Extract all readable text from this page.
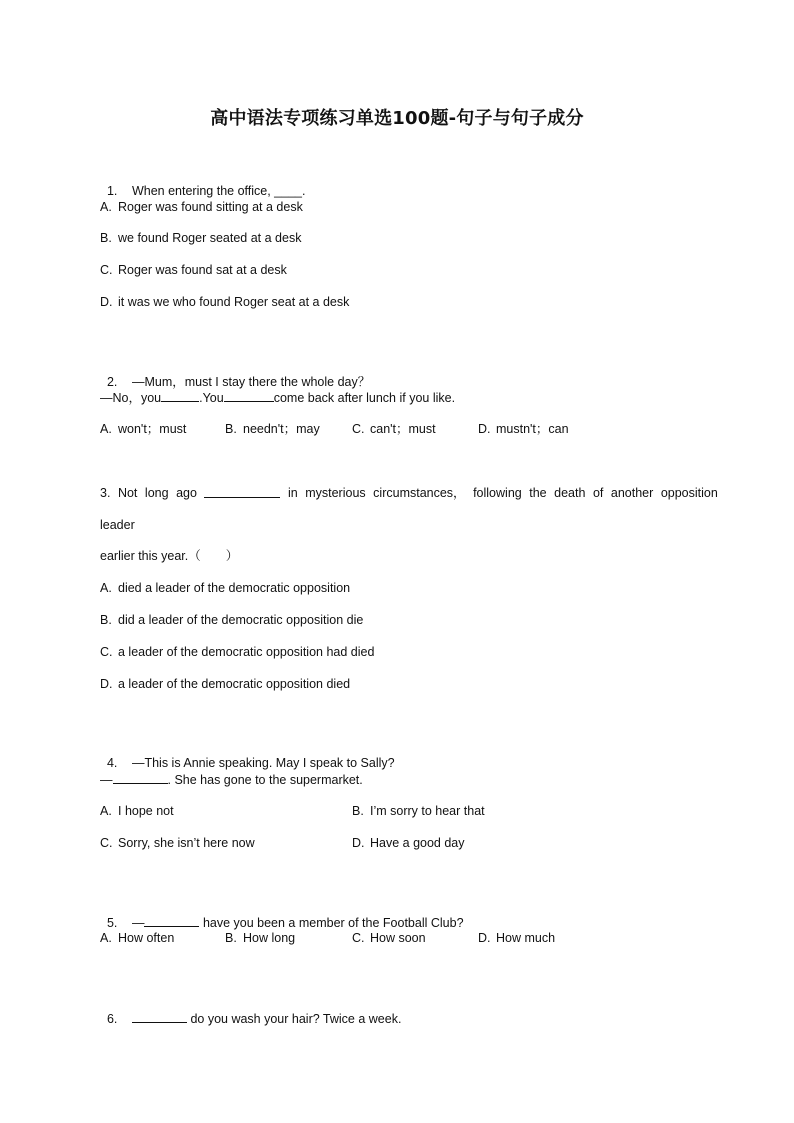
高中语法专项练习单选100题-句子与句子成分

1. When entering the office, ____.

A. Roger was found sitting at a desk
B. we found Roger seated at a desk
C. Roger was found sat at a desk
D. it was we who found Roger seat at a desk

2. —Mum，must I stay there the whole day？

—No，you	.You	come back after lunch if you like.
A. won't；must	B. needn't；may	C. can't；must	D. mustn't；can
3. Not long ago	in mysterious circumstances， following the death of another opposition
leader
earlier this year.（　　）
A. died a leader of the democratic opposition
B. did a leader of the democratic opposition die
C. a leader of the democratic opposition had died
D. a leader of the democratic opposition died

4. —This is Annie speaking. May I speak to Sally?

—	. She has gone to the supermarket.
A. I hope not	B. I’m sorry to hear that
C. Sorry, she isn’t here now	D. Have a good day

5. —	have you been a member of the Football Club?

A. How often	B. How long	C. How soon	D. How much

6.	do you wash your hair? Twice a week.
